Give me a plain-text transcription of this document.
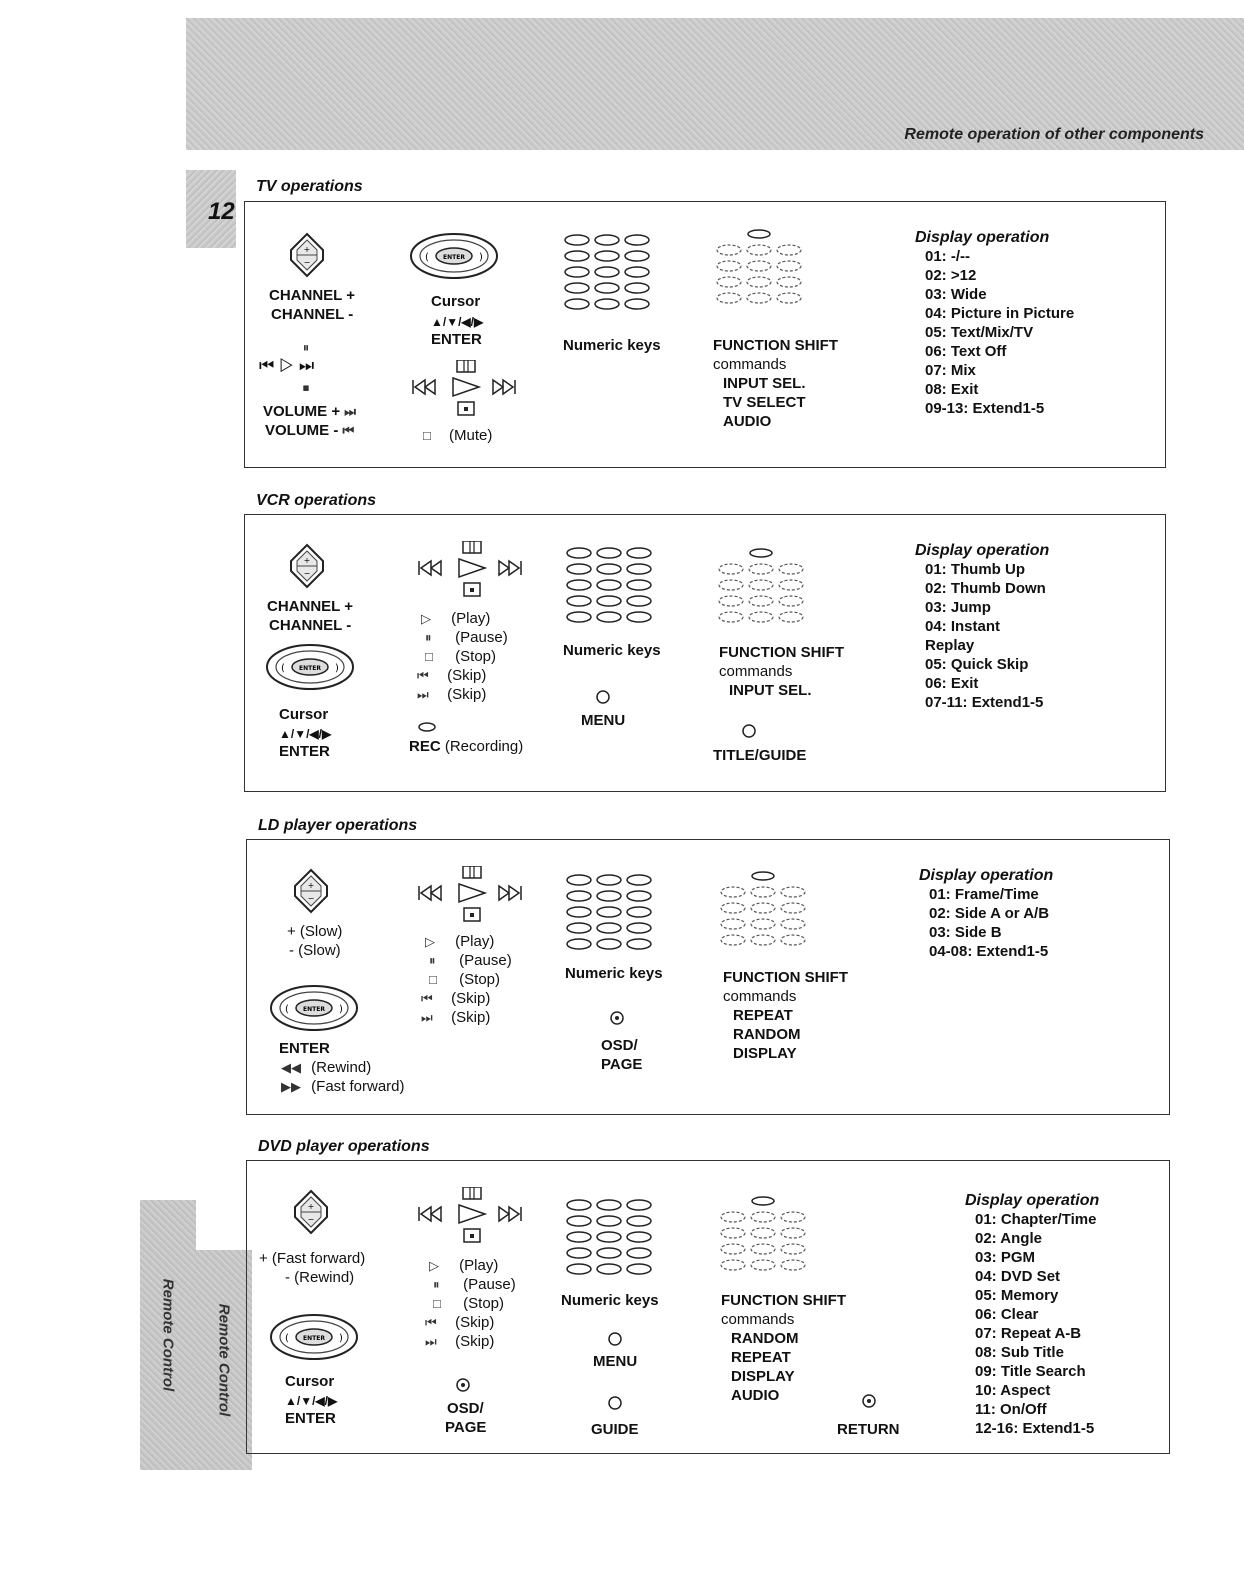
Remote operation of other components
12
Remote Control	Remote Control
TV operations
CHANNEL +
CHANNEL -
⏸
⏮ ▷ ⏭
⏹
VOLUME + ⏭
VOLUME - ⏮
Cursor
▲/▼/◀/▶
ENTER
□ (Mute)
Numeric keys	FUNCTION SHIFT
commands
INPUT SEL.
TV SELECT
AUDIO
Display operation
01: -/--
02: >12
03: Wide
04: Picture in Picture
05: Text/Mix/TV
06: Text Off
07: Mix
08: Exit
09-13: Extend1-5
VCR operations
CHANNEL +
CHANNEL -
Cursor
▲/▼/◀/▶
ENTER
▷ (Play)
⏸ (Pause)
□ (Stop)
⏮ (Skip)
⏭ (Skip)
REC (Recording)
Numeric keys
MENU
FUNCTION SHIFT
commands
INPUT SEL.
TITLE/GUIDE
Display operation
01: Thumb Up
02: Thumb Down
03: Jump
04: Instant
Replay
05: Quick Skip
06: Exit
07-11: Extend1-5
LD player operations
+ (Slow)
- (Slow)
ENTER
◀◀ (Rewind)
▶▶ (Fast forward)
▷ (Play)
⏸ (Pause)
□ (Stop)
⏮ (Skip)
⏭ (Skip)
Numeric keys
OSD/
PAGE
FUNCTION SHIFT
commands
REPEAT
RANDOM
DISPLAY
Display operation
01: Frame/Time
02: Side A or A/B
03: Side B
04-08: Extend1-5
DVD player operations
+ (Fast forward)
- (Rewind)
Cursor
▲/▼/◀/▶
ENTER
▷ (Play)
⏸ (Pause)
□ (Stop)
⏮ (Skip)
⏭ (Skip)
OSD/
PAGE
Numeric keys
MENU
GUIDE
FUNCTION SHIFT
commands
RANDOM
REPEAT
DISPLAY
AUDIO
RETURN
Display operation
01: Chapter/Time
02: Angle
03: PGM
04: DVD Set
05: Memory
06: Clear
07: Repeat A-B
08: Sub Title
09: Title Search
10: Aspect
11: On/Off
12-16: Extend1-5
